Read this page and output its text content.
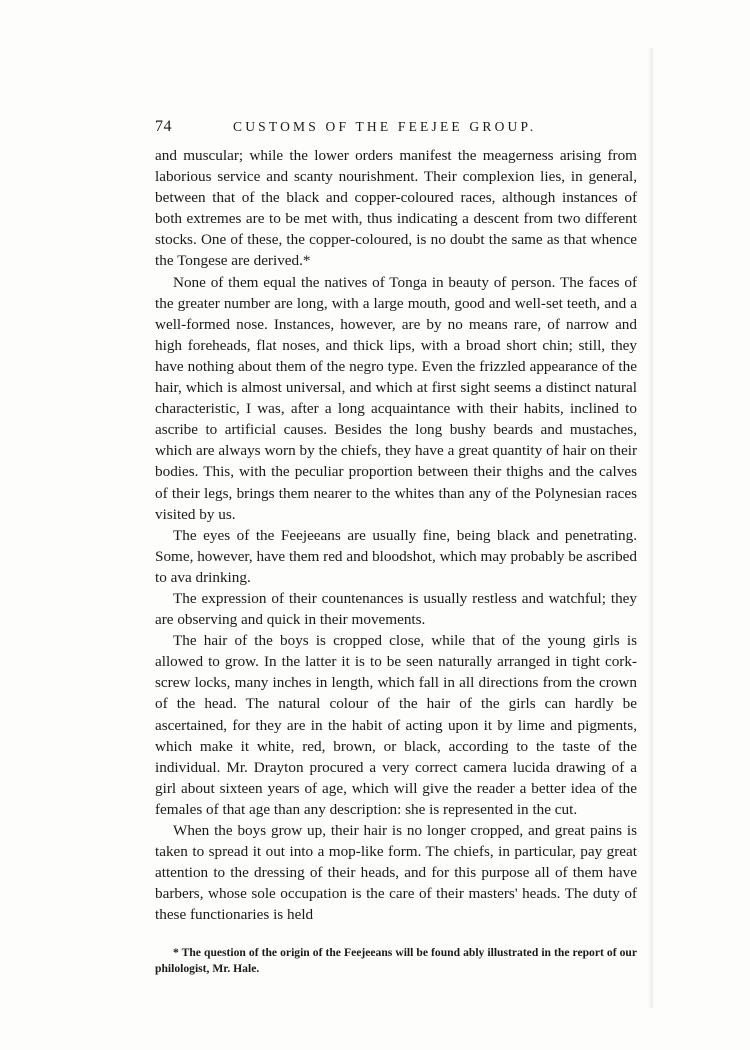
74	CUSTOMS OF THE FEEJEE GROUP.

and muscular; while the lower orders manifest the meagerness arising from laborious service and scanty nourishment. Their complexion lies, in general, between that of the black and copper-coloured races, although instances of both extremes are to be met with, thus indicating a descent from two different stocks. One of these, the copper-coloured, is no doubt the same as that whence the Tongese are derived.*

None of them equal the natives of Tonga in beauty of person. The faces of the greater number are long, with a large mouth, good and well-set teeth, and a well-formed nose. Instances, however, are by no means rare, of narrow and high foreheads, flat noses, and thick lips, with a broad short chin; still, they have nothing about them of the negro type. Even the frizzled appearance of the hair, which is almost universal, and which at first sight seems a distinct natural characteristic, I was, after a long acquaintance with their habits, inclined to ascribe to artificial causes. Besides the long bushy beards and mustaches, which are always worn by the chiefs, they have a great quantity of hair on their bodies. This, with the peculiar proportion between their thighs and the calves of their legs, brings them nearer to the whites than any of the Polynesian races visited by us.

The eyes of the Feejeeans are usually fine, being black and penetrating. Some, however, have them red and bloodshot, which may probably be ascribed to ava drinking.

The expression of their countenances is usually restless and watchful; they are observing and quick in their movements.

The hair of the boys is cropped close, while that of the young girls is allowed to grow. In the latter it is to be seen naturally arranged in tight cork-screw locks, many inches in length, which fall in all directions from the crown of the head. The natural colour of the hair of the girls can hardly be ascertained, for they are in the habit of acting upon it by lime and pigments, which make it white, red, brown, or black, according to the taste of the individual. Mr. Drayton procured a very correct camera lucida drawing of a girl about sixteen years of age, which will give the reader a better idea of the females of that age than any description: she is represented in the cut.

When the boys grow up, their hair is no longer cropped, and great pains is taken to spread it out into a mop-like form. The chiefs, in particular, pay great attention to the dressing of their heads, and for this purpose all of them have barbers, whose sole occupation is the care of their masters' heads. The duty of these functionaries is held

* The question of the origin of the Feejeeans will be found ably illustrated in the report of our philologist, Mr. Hale.
